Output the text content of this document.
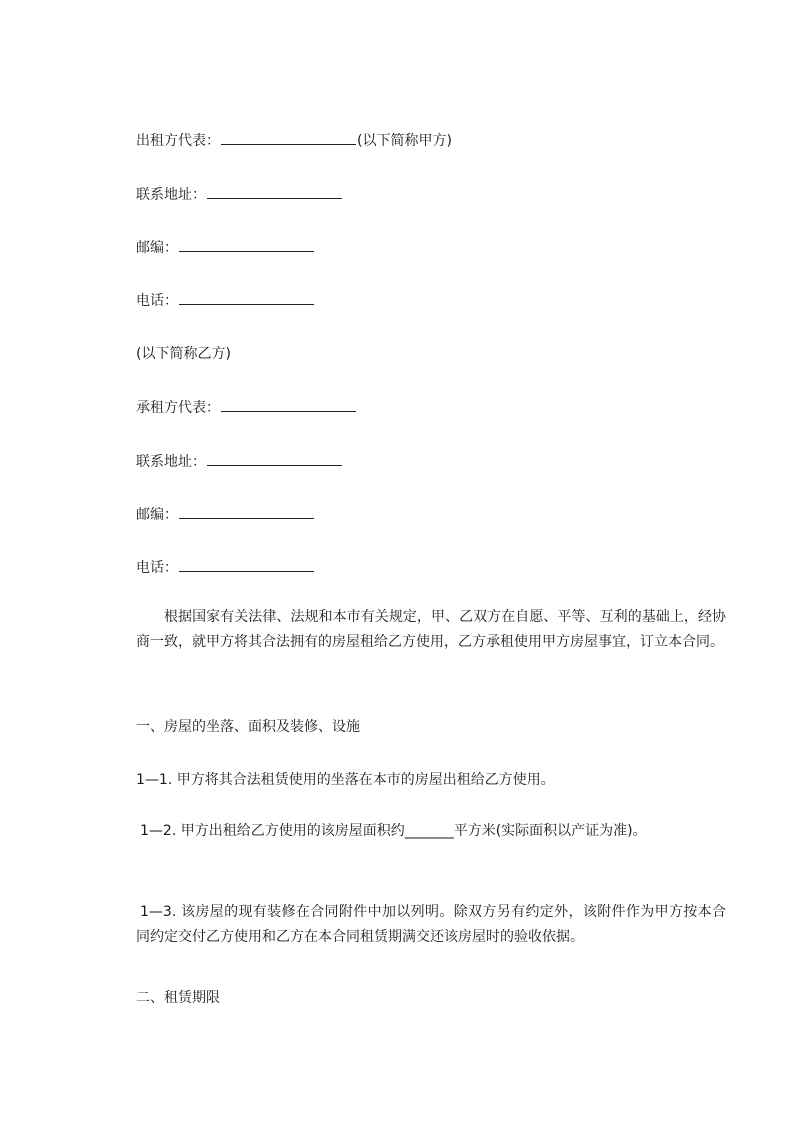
出租方代表：	(以下简称甲方)
联系地址：
邮编：
电话：
(以下简称乙方)
承租方代表：
联系地址：
邮编：
电话：
根据国家有关法律、法规和本市有关规定，甲、乙双方在自愿、平等、互利的基础上，经协商一致，就甲方将其合法拥有的房屋租给乙方使用，乙方承租使用甲方房屋事宜，订立本合同。
一、房屋的坐落、面积及装修、设施
1—1. 甲方将其合法租赁使用的坐落在本市的房屋出租给乙方使用。
1—2. 甲方出租给乙方使用的该房屋面积约_______平方米(实际面积以产证为准)。
1—3. 该房屋的现有装修在合同附件中加以列明。除双方另有约定外，该附件作为甲方按本合同约定交付乙方使用和乙方在本合同租赁期满交还该房屋时的验收依据。
二、租赁期限
